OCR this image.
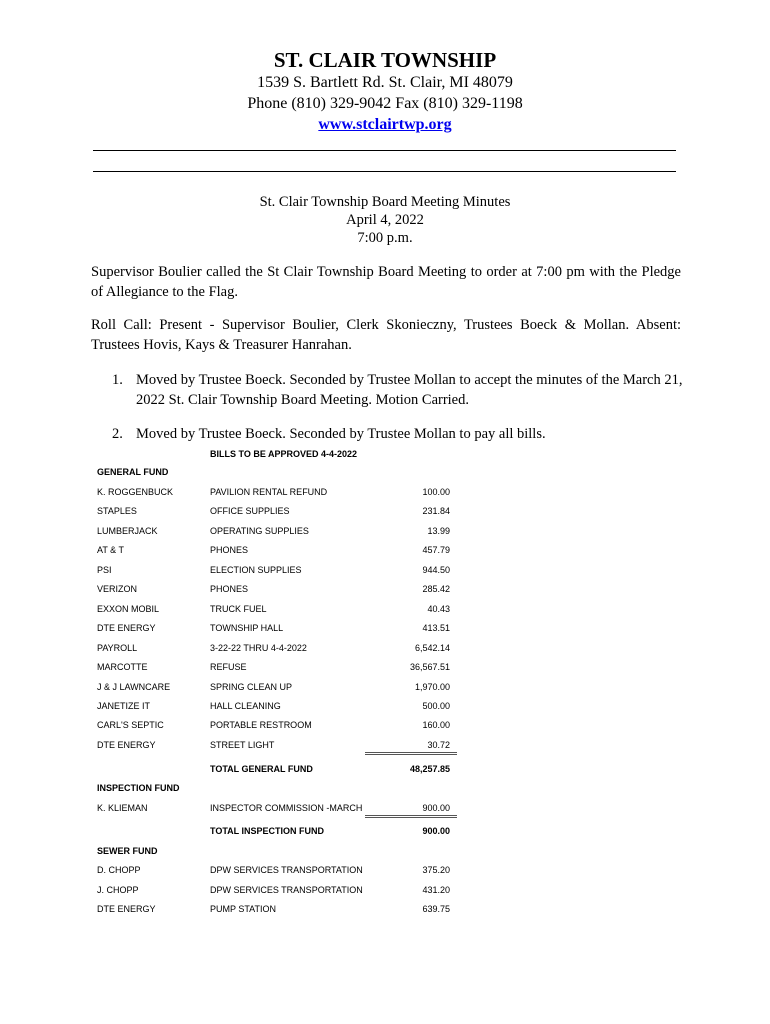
ST. CLAIR TOWNSHIP
1539 S. Bartlett Rd. St. Clair, MI 48079
Phone (810) 329-9042 Fax (810) 329-1198
www.stclairtwp.org
St. Clair Township Board Meeting Minutes
April 4, 2022
7:00 p.m.
Supervisor Boulier called the St Clair Township Board Meeting to order at 7:00 pm with the Pledge of Allegiance to the Flag.
Roll Call: Present - Supervisor Boulier, Clerk Skonieczny, Trustees Boeck & Mollan. Absent: Trustees Hovis, Kays & Treasurer Hanrahan.
1. Moved by Trustee Boeck. Seconded by Trustee Mollan to accept the minutes of the March 21, 2022 St. Clair Township Board Meeting. Motion Carried.
2. Moved by Trustee Boeck. Seconded by Trustee Mollan to pay all bills.
BILLS TO BE APPROVED 4-4-2022
GENERAL FUND
K. ROGGENBUCK	PAVILION RENTAL REFUND	100.00
STAPLES	OFFICE SUPPLIES	231.84
LUMBERJACK	OPERATING SUPPLIES	13.99
AT & T	PHONES	457.79
PSI	ELECTION SUPPLIES	944.50
VERIZON	PHONES	285.42
EXXON MOBIL	TRUCK FUEL	40.43
DTE ENERGY	TOWNSHIP HALL	413.51
PAYROLL	3-22-22 THRU 4-4-2022	6,542.14
MARCOTTE	REFUSE	36,567.51
J & J LAWNCARE	SPRING CLEAN UP	1,970.00
JANETIZE IT	HALL CLEANING	500.00
CARL'S SEPTIC	PORTABLE RESTROOM	160.00
DTE ENERGY	STREET LIGHT	30.72
TOTAL GENERAL FUND	48,257.85
INSPECTION FUND
K. KLIEMAN	INSPECTOR COMMISSION -MARCH	900.00
TOTAL INSPECTION FUND	900.00
SEWER FUND
D. CHOPP	DPW SERVICES TRANSPORTATION	375.20
J. CHOPP	DPW SERVICES TRANSPORTATION	431.20
DTE ENERGY	PUMP STATION	639.75
